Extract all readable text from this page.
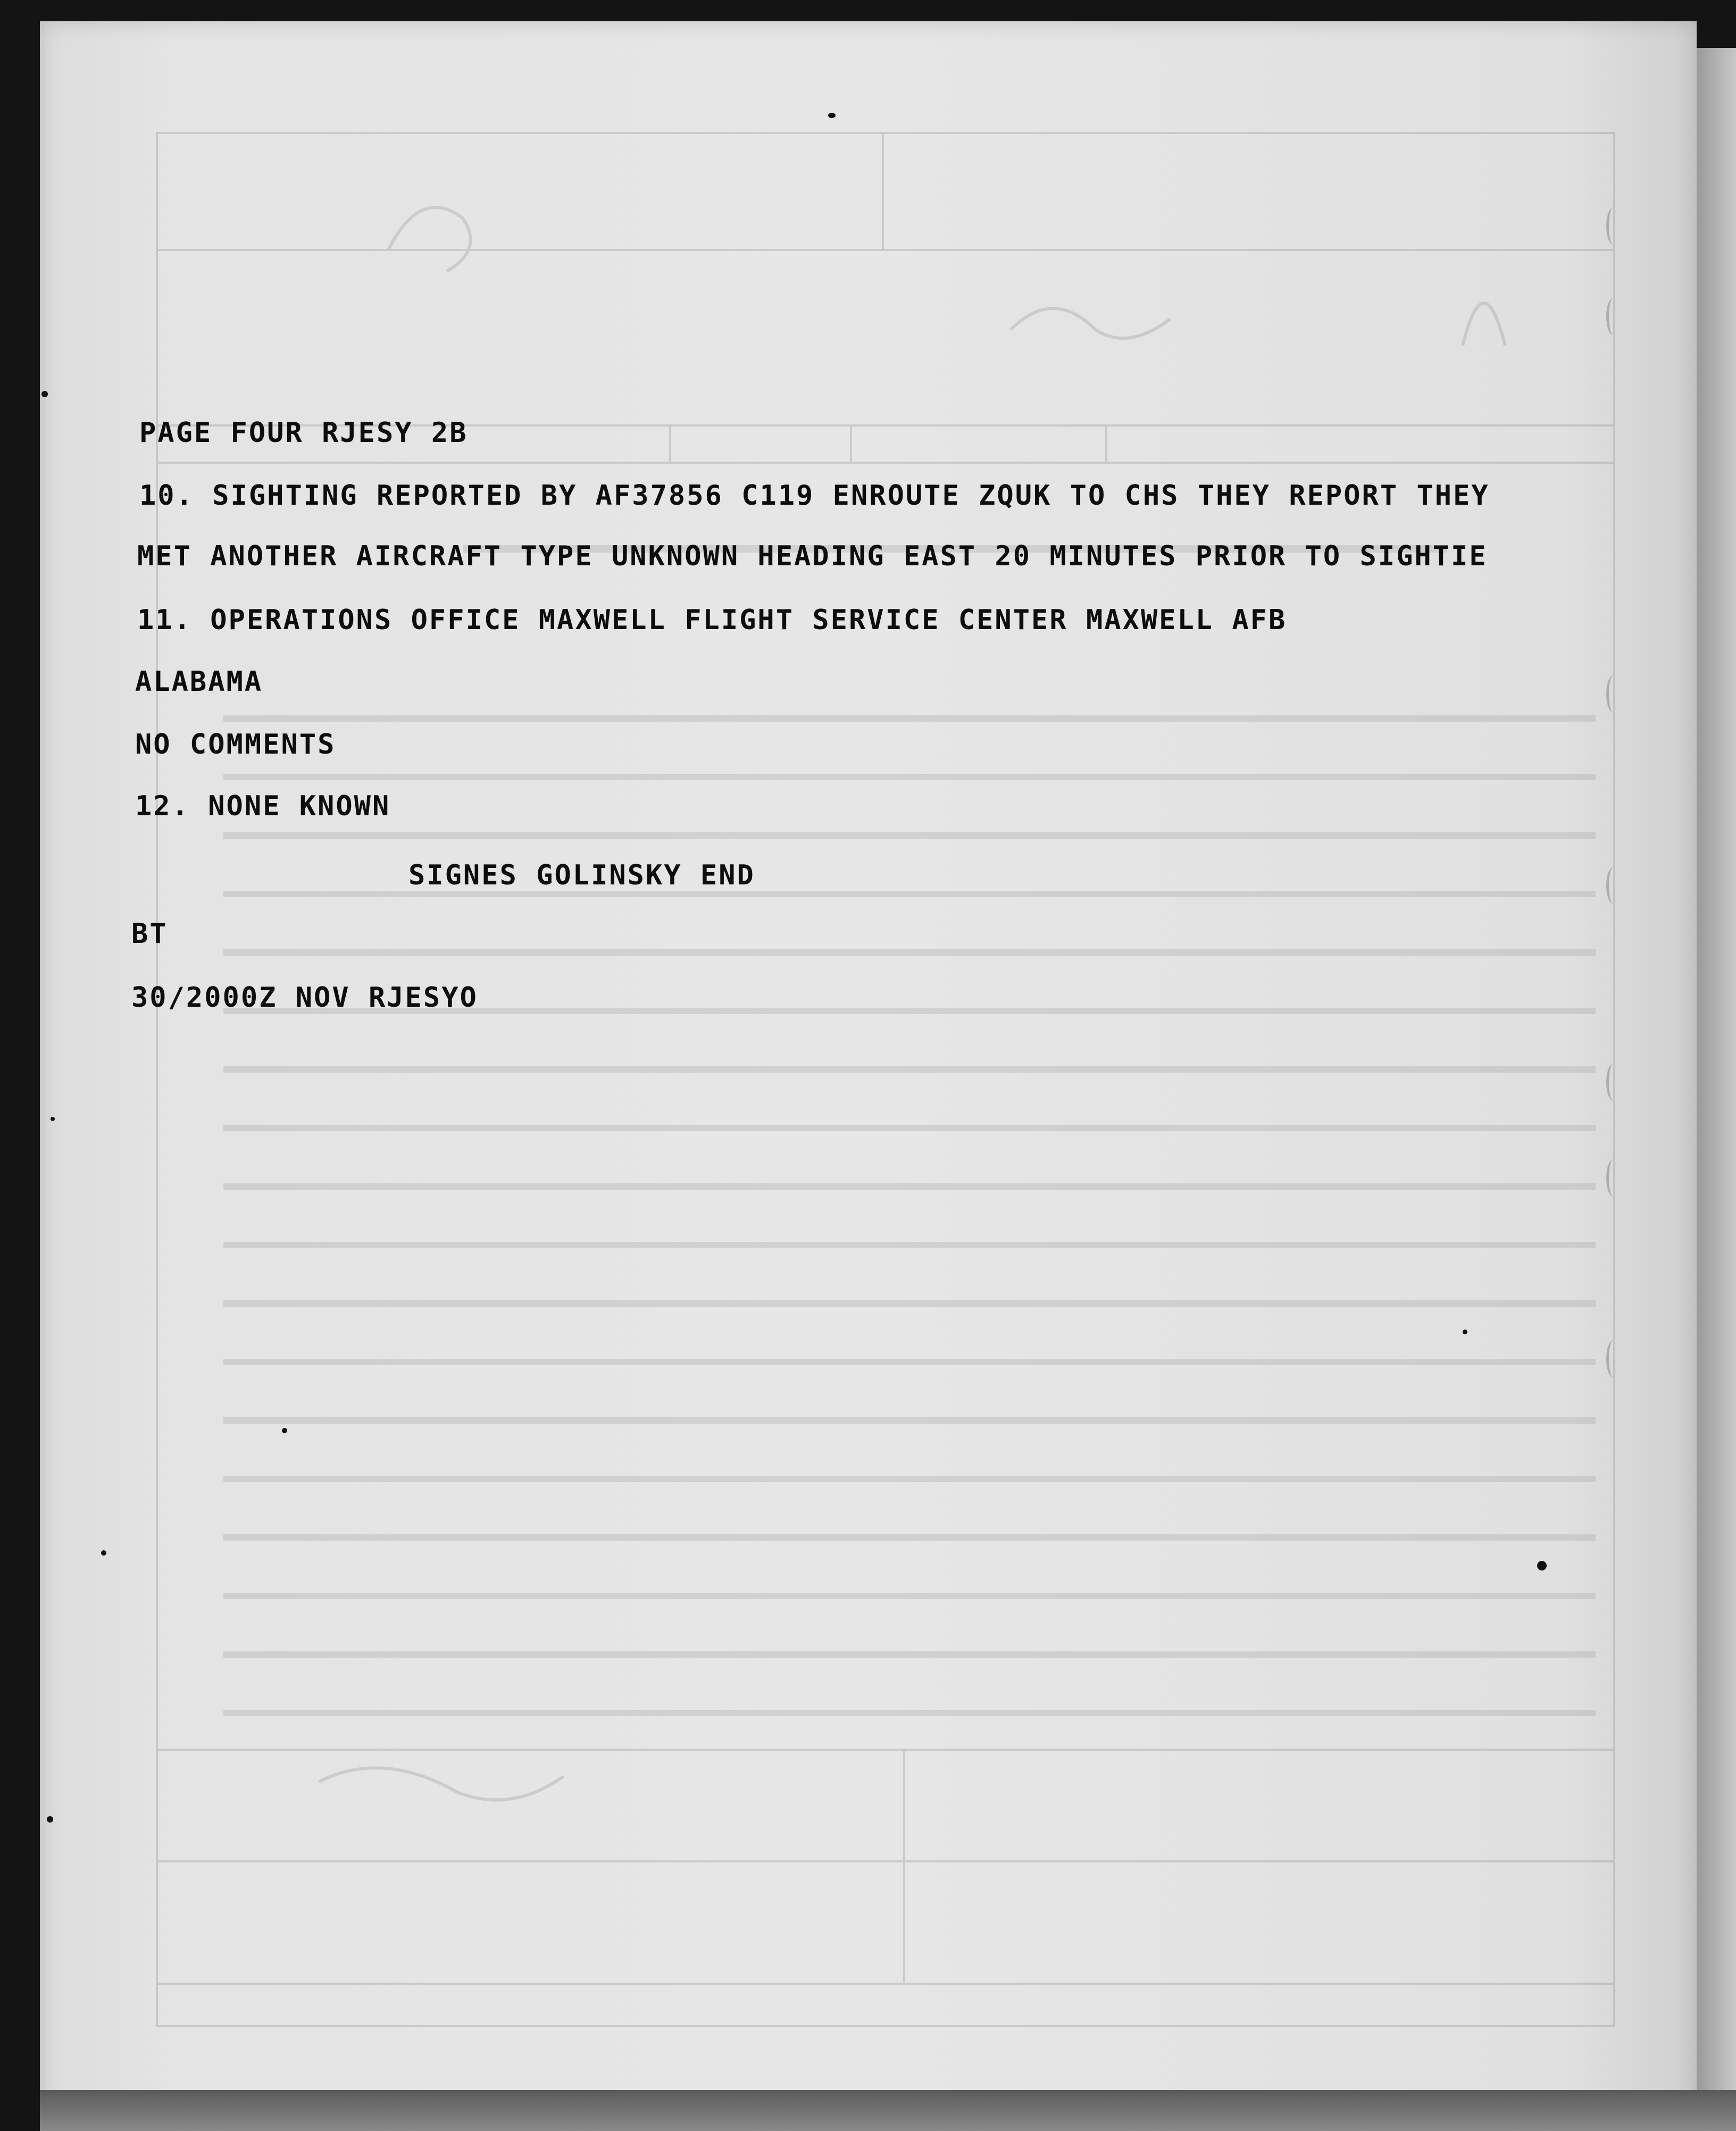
PAGE FOUR RJESY 2B
10. SIGHTING REPORTED BY AF37856 C119 ENROUTE ZQUK TO CHS THEY REPORT THEY
MET ANOTHER AIRCRAFT TYPE UNKNOWN HEADING EAST 20 MINUTES PRIOR TO SIGHTIE
11. OPERATIONS OFFICE MAXWELL FLIGHT SERVICE CENTER MAXWELL AFB
ALABAMA
NO COMMENTS
12. NONE KNOWN
SIGNES GOLINSKY END
BT
30/2000Z NOV RJESYO
